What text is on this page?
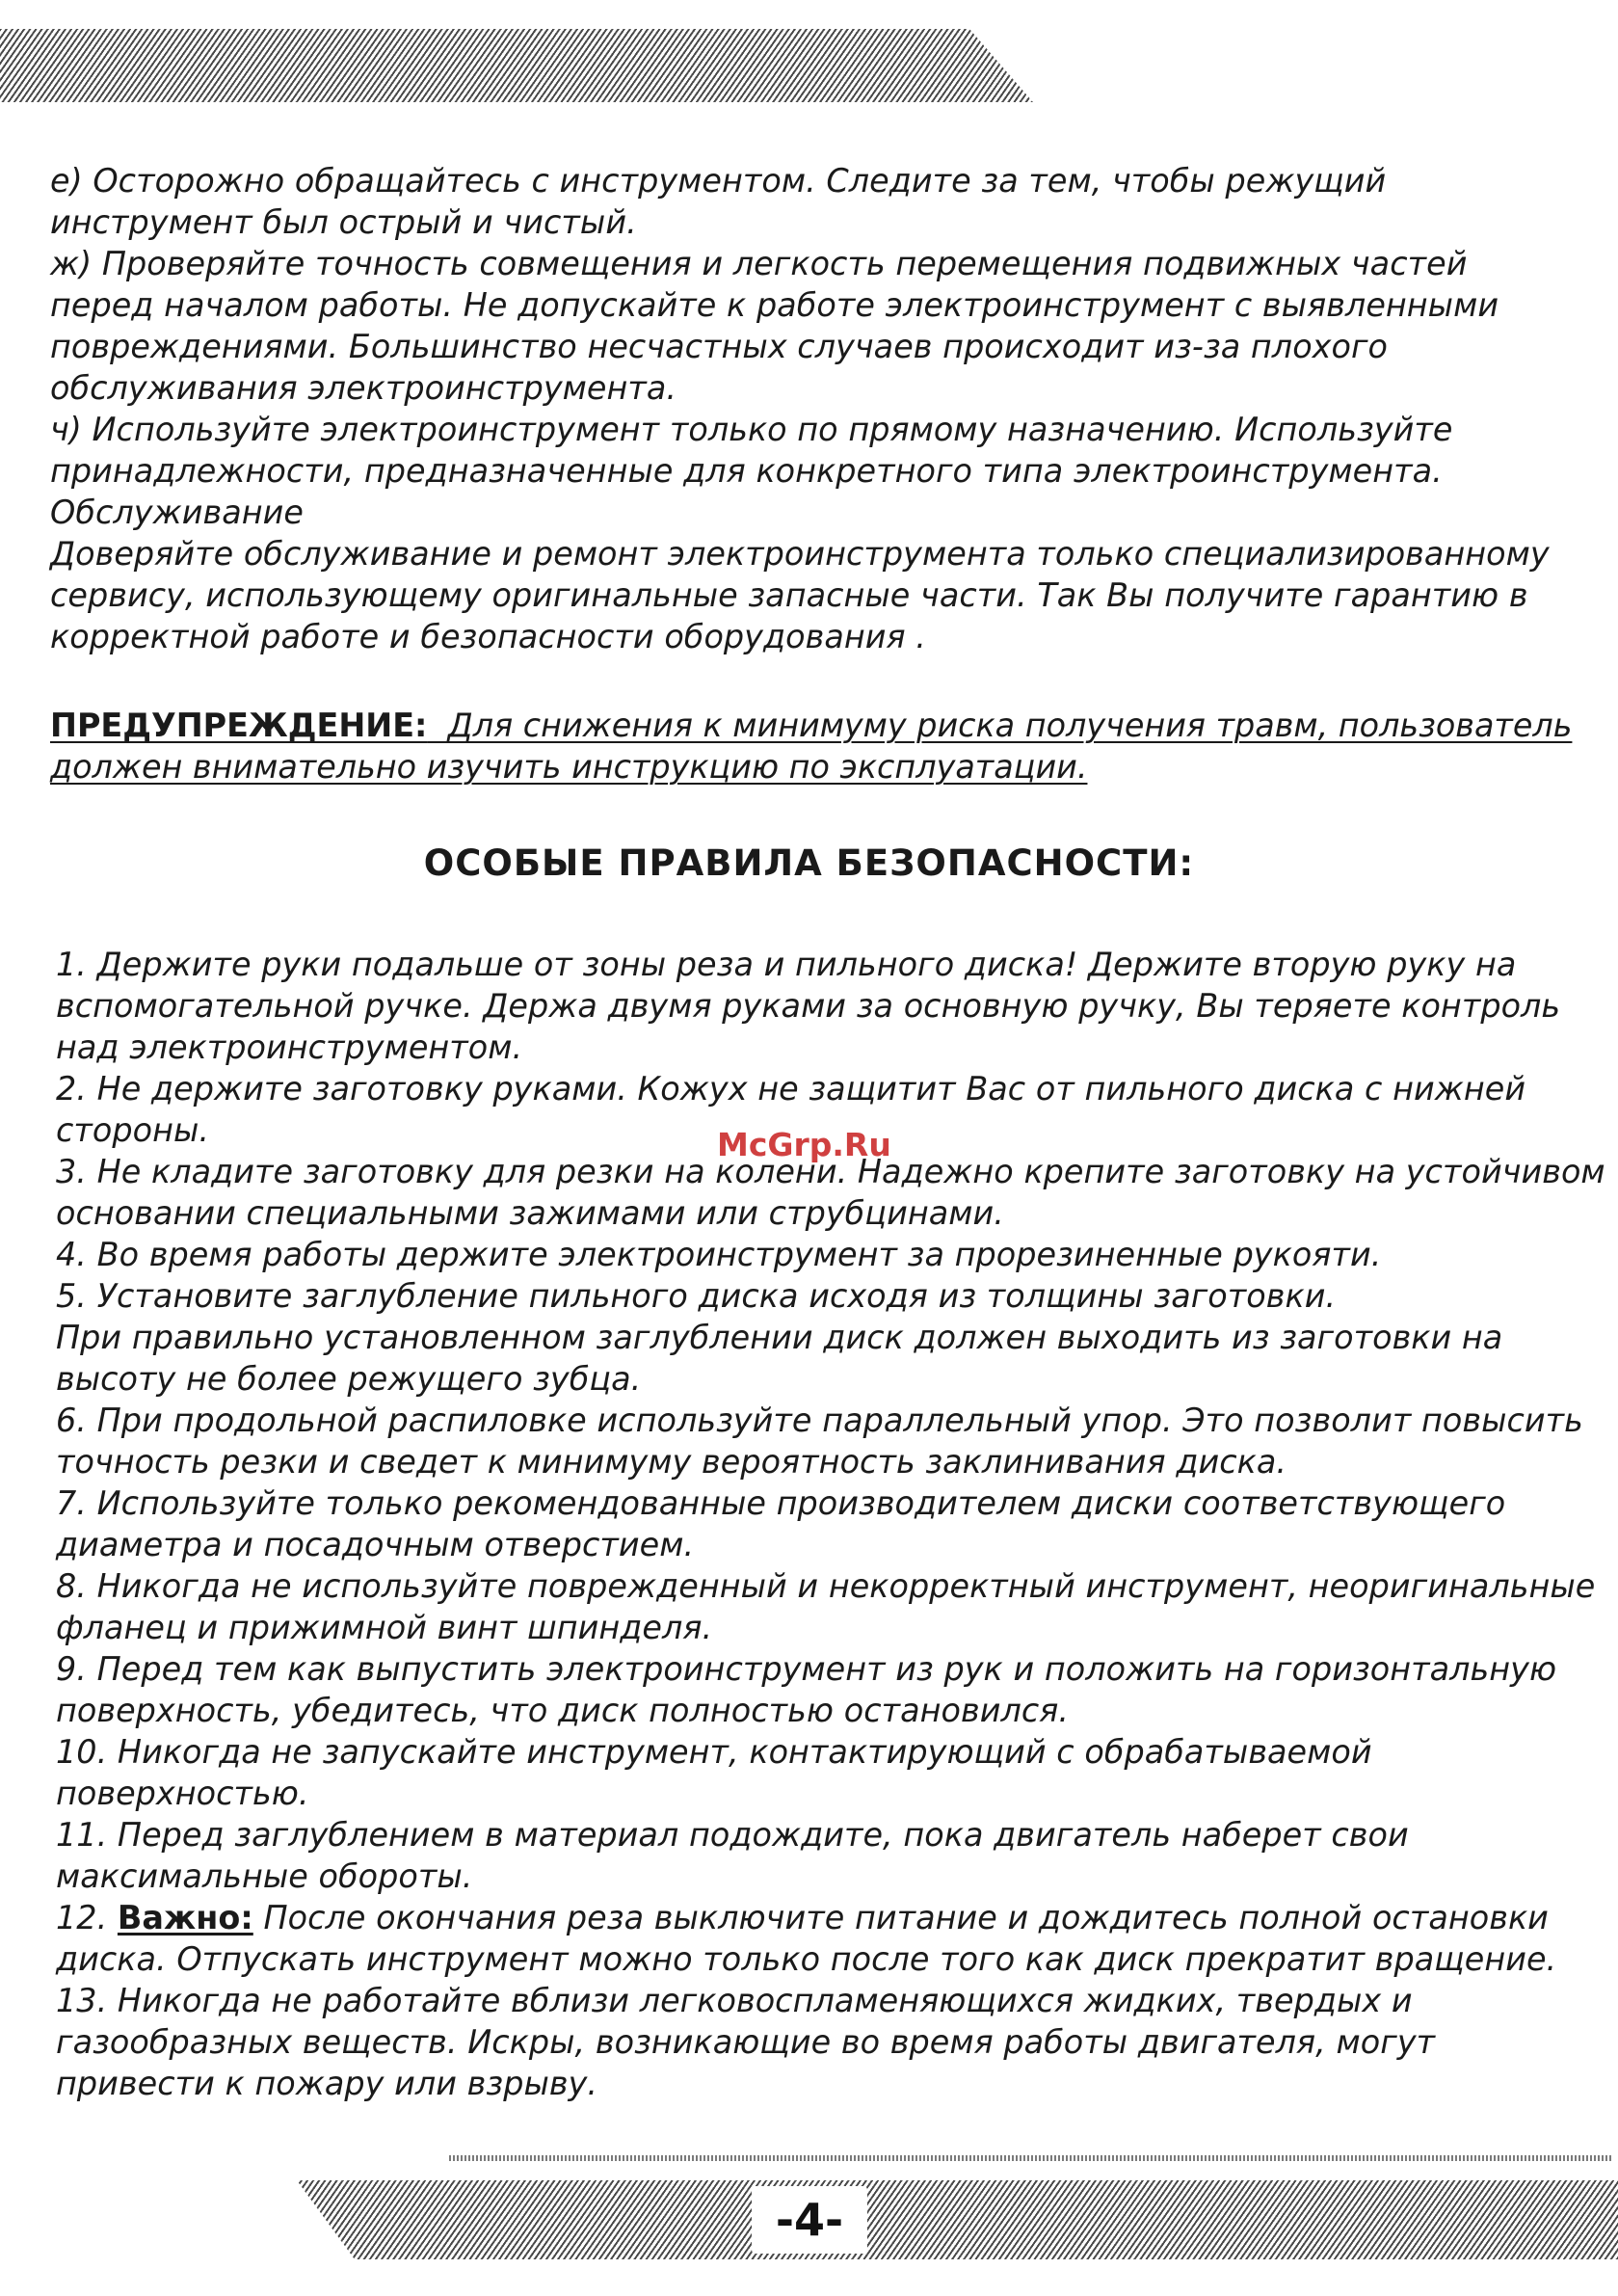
е) Осторожно обращайтесь с инструментом. Следите за тем, чтобы режущий

инструмент был острый и чистый.

ж) Проверяйте точность совмещения и легкость перемещения подвижных частей

перед началом работы. Не допускайте к работе электроинструмент с выявленными

повреждениями. Большинство несчастных случаев происходит из-за плохого

обслуживания электроинструмента.

ч) Используйте электроинструмент только по прямому назначению. Используйте

принадлежности, предназначенные для конкретного типа электроинструмента.

Обслуживание

Доверяйте обслуживание и ремонт электроинструмента только специализированному

сервису, использующему оригинальные запасные части. Так Вы получите гарантию в

корректной работе и безопасности оборудования .

ПРЕДУПРЕЖДЕНИЕ:  Для снижения к минимуму риска получения травм, пользователь

должен внимательно изучить инструкцию по эксплуатации.

ОСОБЫЕ ПРАВИЛА БЕЗОПАСНОСТИ:

1. Держите руки подальше от зоны реза и пильного диска! Держите вторую руку на

вспомогательной ручке. Держа двумя руками за основную ручку, Вы теряете контроль

над электроинструментом.

2. Не держите заготовку руками. Кожух не защитит Вас от пильного диска с нижней

стороны.

3. Не кладите заготовку для резки на колени. Надежно крепите заготовку на устойчивом

основании специальными зажимами или струбцинами.

4. Во время работы держите электроинструмент за прорезиненные рукояти.

5. Установите заглубление пильного диска исходя из толщины заготовки.

При правильно установленном заглублении диск должен выходить из заготовки на

высоту не более режущего зубца.

6. При продольной распиловке используйте параллельный упор. Это позволит повысить

точность резки и сведет к минимуму вероятность заклинивания диска.

7. Используйте только рекомендованные производителем диски соответствующего

диаметра и посадочным отверстием.

8. Никогда не используйте поврежденный и некорректный инструмент, неоригинальные

фланец и прижимной винт шпинделя.

9. Перед тем как выпустить электроинструмент из рук и положить на горизонтальную

поверхность, убедитесь, что диск полностью остановился.

10. Никогда не запускайте инструмент, контактирующий с обрабатываемой

поверхностью.

11. Перед заглублением в материал подождите, пока двигатель наберет свои

максимальные обороты.

12. Важно: После окончания реза выключите питание и дождитесь полной остановки

диска. Отпускать инструмент можно только после того как диск прекратит вращение.

13. Никогда не работайте вблизи легковоспламеняющихся жидких, твердых и

газообразных веществ. Искры, возникающие во время работы двигателя, могут

привести к пожару или взрыву.

McGrp.Ru

-4-
